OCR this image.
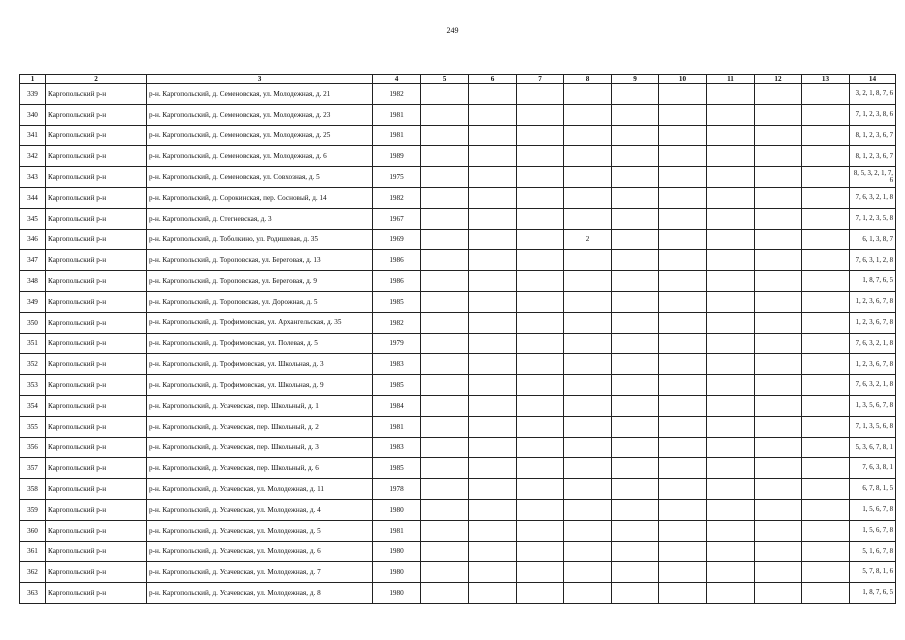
249
1	2	3	4	5	6	7	8	9	10	11	12	13	14
339	Каргопольский р-н	р-н. Каргопольский, д. Семеновская, ул. Молодежная, д. 21	1982										3, 2, 1, 8, 7, 6
340	Каргопольский р-н	р-н. Каргопольский, д. Семеновская, ул. Молодежная, д. 23	1981										7, 1, 2, 3, 8, 6
341	Каргопольский р-н	р-н. Каргопольский, д. Семеновская, ул. Молодежная, д. 25	1981										8, 1, 2, 3, 6, 7
342	Каргопольский р-н	р-н. Каргопольский, д. Семеновская, ул. Молодежная, д. 6	1989										8, 1, 2, 3, 6, 7
343	Каргопольский р-н	р-н. Каргопольский, д. Семеновская, ул. Совхозная, д. 5	1975										8, 5, 3, 2, 1, 7, 6
344	Каргопольский р-н	р-н. Каргопольский, д. Сорокинская, пер. Сосновый, д. 14	1982										7, 6, 3, 2, 1, 8
345	Каргопольский р-н	р-н. Каргопольский, д. Стегневская, д. 3	1967										7, 1, 2, 3, 5, 8
346	Каргопольский р-н	р-н. Каргопольский, д. Тоболкино, ул. Родишевая, д. 35	1969				2						6, 1, 3, 8, 7
347	Каргопольский р-н	р-н. Каргопольский, д. Тороповская, ул. Береговая, д. 13	1986										7, 6, 3, 1, 2, 8
348	Каргопольский р-н	р-н. Каргопольский, д. Тороповская, ул. Береговая, д. 9	1986										1, 8, 7, 6, 5
349	Каргопольский р-н	р-н. Каргопольский, д. Тороповская, ул. Дорожная, д. 5	1985										1, 2, 3, 6, 7, 8
350	Каргопольский р-н	р-н. Каргопольский, д. Трофимовская, ул. Архангельская, д. 35	1982										1, 2, 3, 6, 7, 8
351	Каргопольский р-н	р-н. Каргопольский, д. Трофимовская, ул. Полевая, д. 5	1979										7, 6, 3, 2, 1, 8
352	Каргопольский р-н	р-н. Каргопольский, д. Трофимовская, ул. Школьная, д. 3	1983										1, 2, 3, 6, 7, 8
353	Каргопольский р-н	р-н. Каргопольский, д. Трофимовская, ул. Школьная, д. 9	1985										7, 6, 3, 2, 1, 8
354	Каргопольский р-н	р-н. Каргопольский, д. Усачевская, пер. Школьный, д. 1	1984										1, 3, 5, 6, 7, 8
355	Каргопольский р-н	р-н. Каргопольский, д. Усачевская, пер. Школьный, д. 2	1981										7, 1, 3, 5, 6, 8
356	Каргопольский р-н	р-н. Каргопольский, д. Усачевская, пер. Школьный, д. 3	1983										5, 3, 6, 7, 8, 1
357	Каргопольский р-н	р-н. Каргопольский, д. Усачевская, пер. Школьный, д. 6	1985										7, 6, 3, 8, 1
358	Каргопольский р-н	р-н. Каргопольский, д. Усачевская, ул. Молодежная, д. 11	1978										6, 7, 8, 1, 5
359	Каргопольский р-н	р-н. Каргопольский, д. Усачевская, ул. Молодежная, д. 4	1980										1, 5, 6, 7, 8
360	Каргопольский р-н	р-н. Каргопольский, д. Усачевская, ул. Молодежная, д. 5	1981										1, 5, 6, 7, 8
361	Каргопольский р-н	р-н. Каргопольский, д. Усачевская, ул. Молодежная, д. 6	1980										5, 1, 6, 7, 8
362	Каргопольский р-н	р-н. Каргопольский, д. Усачевская, ул. Молодежная, д. 7	1980										5, 7, 8, 1, 6
363	Каргопольский р-н	р-н. Каргопольский, д. Усачевская, ул. Молодежная, д. 8	1980										1, 8, 7, 6, 5
